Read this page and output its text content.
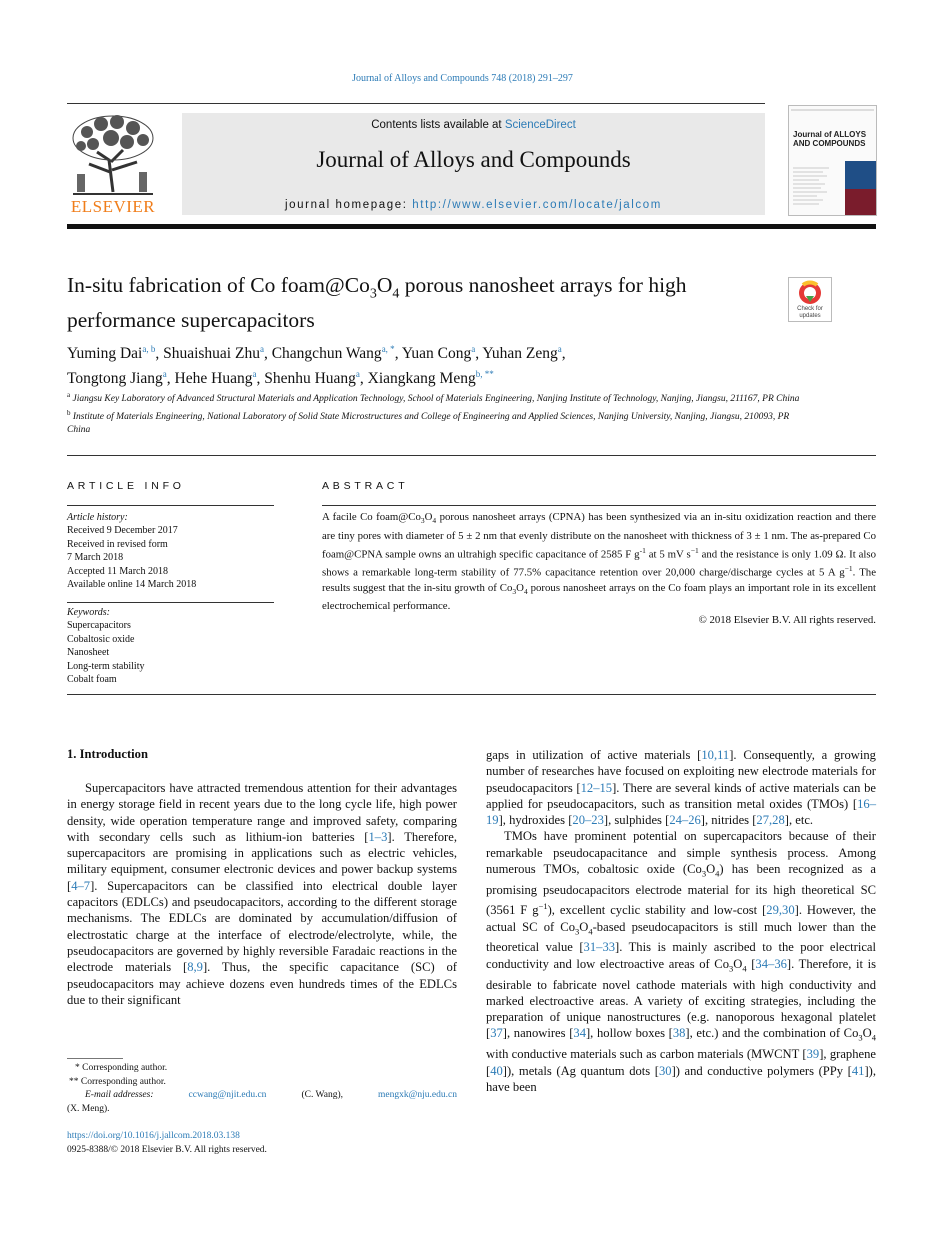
Journal of Alloys and Compounds 748 (2018) 291–297
ELSEVIER
Contents lists available at ScienceDirect
Journal of Alloys and Compounds
journal homepage: http://www.elsevier.com/locate/jalcom
Journal of ALLOYS AND COMPOUNDS
In-situ fabrication of Co $foam@Co_3O_4$ porous nanosheet arrays for high performance supercapacitors	Check for updates
Yuming Dai$^{a, b}$, Shuaishuai Zhu$^a$, Changchun Wang$^{a, *}$, Yuan Cong$^a$, Yuhan Zeng$^a$,
Tongtong Jiang$^a$, Hehe Huang$^a$, Shenhu Huang$^a$, Xiangkang Meng$^{b, **}$
$^a$ Jiangsu Key Laboratory of Advanced Structural Materials and Application Technology, School of Materials Engineering, Nanjing Institute of Technology, Nanjing, Jiangsu, 211167, PR China
$^b$ Institute of Materials Engineering, National Laboratory of Solid State Microstructures and College of Engineering and Applied Sciences, Nanjing University, Nanjing, Jiangsu, 210093, PR China
ARTICLE INFO	ABSTRACT
Article history:
Received 9 December 2017
Received in revised form
7 March 2018
Accepted 11 March 2018
Available online 14 March 2018
Keywords:
Supercapacitors
Cobaltosic oxide
Nanosheet
Long-term stability
Cobalt foam
A facile Co $foam@Co_3O_4$ porous nanosheet arrays (CPNA) has been synthesized via an in-situ oxidization reaction and there are tiny pores with diameter of 5 ± 2 nm that evenly distribute on the nanosheet with thickness of 3 ± 1 nm. The as-prepared Co foam@CPNA sample owns an ultrahigh specific capacitance of 2585 F $g^{-1}$ at 5 mV $s^{-1}$ and the resistance is only 1.09 Ω. It also shows a remarkable long-term stability of 77.5% capacitance retention over 20,000 charge/discharge cycles at 5 A $g^{-1}$. The results suggest that the in-situ growth of $Co_3O_4$ porous nanosheet arrays on the Co foam plays an important role in its excellent electrochemical performance.
© 2018 Elsevier B.V. All rights reserved.
1. Introduction

Supercapacitors have attracted tremendous attention for their advantages in energy storage field in recent years due to the long cycle life, high power density, wide operation temperature range and improved safety, comparing with secondary cells such as lithium-ion batteries [1–3]. Therefore, supercapacitors are promising in applications such as electric vehicles, military equipment, consumer electronic devices and power backup systems [4–7]. Supercapacitors can be classified into electrical double layer capacitors (EDLCs) and pseudocapacitors, according to the different storage mechanisms. The EDLCs are dominated by accumulation/diffusion of electrostatic charge at the interface of electrode/electrolyte, while, the pseudocapacitors are governed by highly reversible Faradaic reactions in the electrode materials [8,9]. Thus, the specific capacitance (SC) of pseudocapacitors may achieve dozens even hundreds times of the EDLCs due to their significant

gaps in utilization of active materials [10,11]. Consequently, a growing number of researches have focused on exploiting new electrode materials for pseudocapacitors [12–15]. There are several kinds of active materials can be applied for pseudocapacitors, such as transition metal oxides (TMOs) [16–19], hydroxides [20–23], sulphides [24–26], nitrides [27,28], etc.

TMOs have prominent potential on supercapacitors because of their remarkable pseudocapacitance and simple synthesis process. Among numerous TMOs, cobaltosic oxide $(Co_3O_4)$ has been recognized as a promising pseudocapacitors electrode material for its high theoretical SC (3561 F $g^{-1}$), excellent cyclic stability and low-cost [29,30]. However, the actual SC of $Co_3O_4$-based pseudocapacitors is still much lower than the theoretical value [31–33]. This is mainly ascribed to the poor electrical conductivity and low electroactive areas of $Co_3O_4$ [34–36]. Therefore, it is desirable to fabricate novel cathode materials with high conductivity and marked electroactive areas. A variety of exciting strategies, including the preparation of unique nanostructures (e.g. nanoporous hexagonal platelet [37], nanowires [34], hollow boxes [38], etc.) and the combination of $Co_3O_4$ with conductive materials such as carbon materials (MWCNT [39], graphene [40]), metals (Ag quantum dots [30]) and conductive polymers (PPy [41]), have been

* Corresponding author.
** Corresponding author.
E-mail addresses:	ccwang@njit.edu.cn	(C. Wang),	mengxk@nju.edu.cn
(X. Meng).
https://doi.org/10.1016/j.jallcom.2018.03.138
0925-8388/© 2018 Elsevier B.V. All rights reserved.
